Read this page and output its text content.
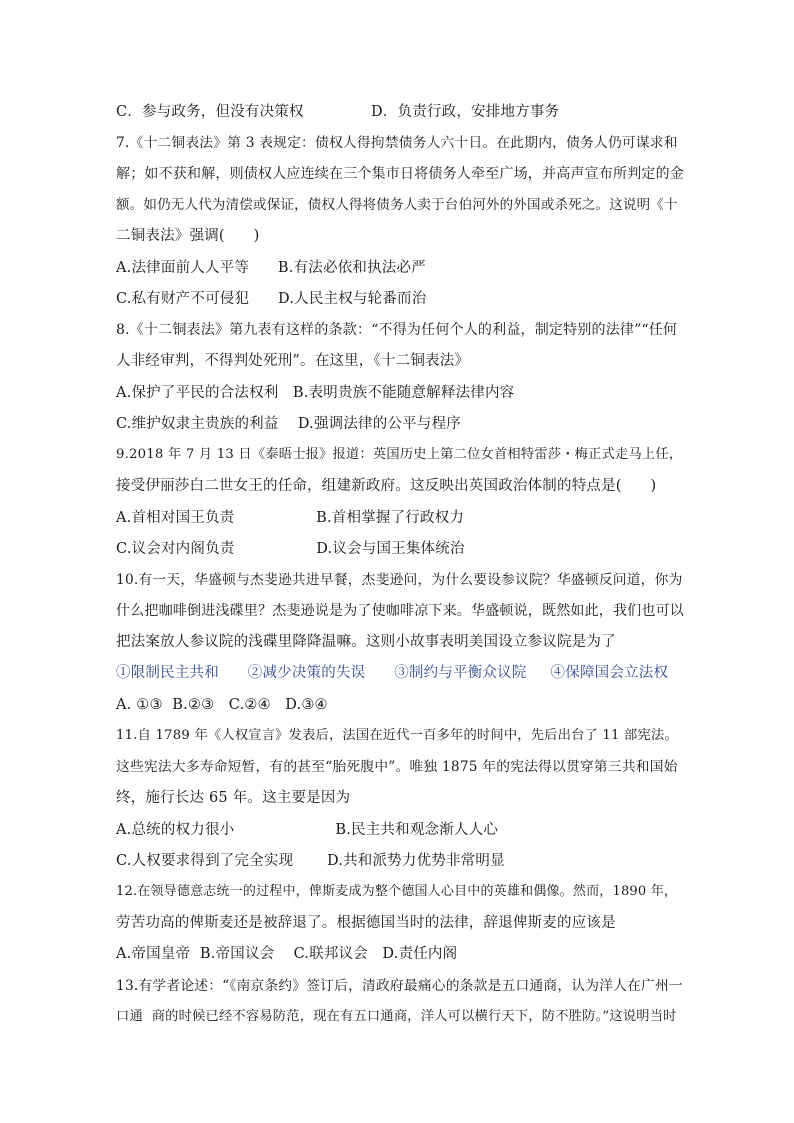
C．参与政务，但没有决策权              D．负责行政，安排地方事务
7.《十二铜表法》第 3 表规定：债权人得拘禁债务人六十日。在此期内，债务人仍可谋求和
解；如不获和解，则债权人应连续在三个集市日将债务人牵至广场，并高声宣布所判定的金
额。如仍无人代为清偿或保证，债权人得将债务人卖于台伯河外的外国或杀死之。这说明《十
二铜表法》强调(      )
A.法律面前人人平等      B.有法必依和执法必严
C.私有财产不可侵犯      D.人民主权与轮番而治
8.《十二铜表法》第九表有这样的条款：“不得为任何个人的利益，制定特别的法律”“任何
人非经审判，不得判处死刑”。在这里，《十二铜表法》
A.保护了平民的合法权利   B.表明贵族不能随意解释法律内容
C.维护奴隶主贵族的利益    D.强调法律的公平与程序
9.2018 年 7 月 13 日《泰晤士报》报道：英国历史上第二位女首相特雷莎・梅正式走马上任，
接受伊丽莎白二世女王的任命，组建新政府。这反映出英国政治体制的特点是(      )
A.首相对国王负责                 B.首相掌握了行政权力
C.议会对内阁负责                 D.议会与国王集体统治
10.有一天，华盛顿与杰斐逊共进早餐，杰斐逊问，为什么要设参议院？华盛顿反问道，你为
什么把咖啡倒进浅碟里？杰斐逊说是为了使咖啡凉下来。华盛顿说，既然如此，我们也可以
把法案放人参议院的浅碟里降降温嘛。这则小故事表明美国设立参议院是为了
①限制民主共和      ②减少决策的失误      ③制约与平衡众议院     ④保障国会立法权
A. ①③  B.②③   C.②④   D.③④
11.自 1789 年《人权宣言》发表后，法国在近代一百多年的时间中，先后出台了 11 部宪法。
这些宪法大多寿命短暂，有的甚至“胎死腹中”。唯独 1875 年的宪法得以贯穿第三共和国始
终，施行长达 65 年。这主要是因为
A.总统的权力很小                     B.民主共和观念渐人人心
C.人权要求得到了完全实现       D.共和派势力优势非常明显
12.在领导德意志统一的过程中，俾斯麦成为整个德国人心目中的英雄和偶像。然而，1890 年，
劳苦功高的俾斯麦还是被辞退了。根据德国当时的法律，辞退俾斯麦的应该是
A.帝国皇帝  B.帝国议会    C.联邦议会   D.责任内阁
13.有学者论述：“《南京条约》签订后，清政府最痛心的条款是五口通商，认为洋人在广州一
口通  商的时候已经不容易防范，现在有五口通商，洋人可以横行天下，防不胜防。”这说明当时
